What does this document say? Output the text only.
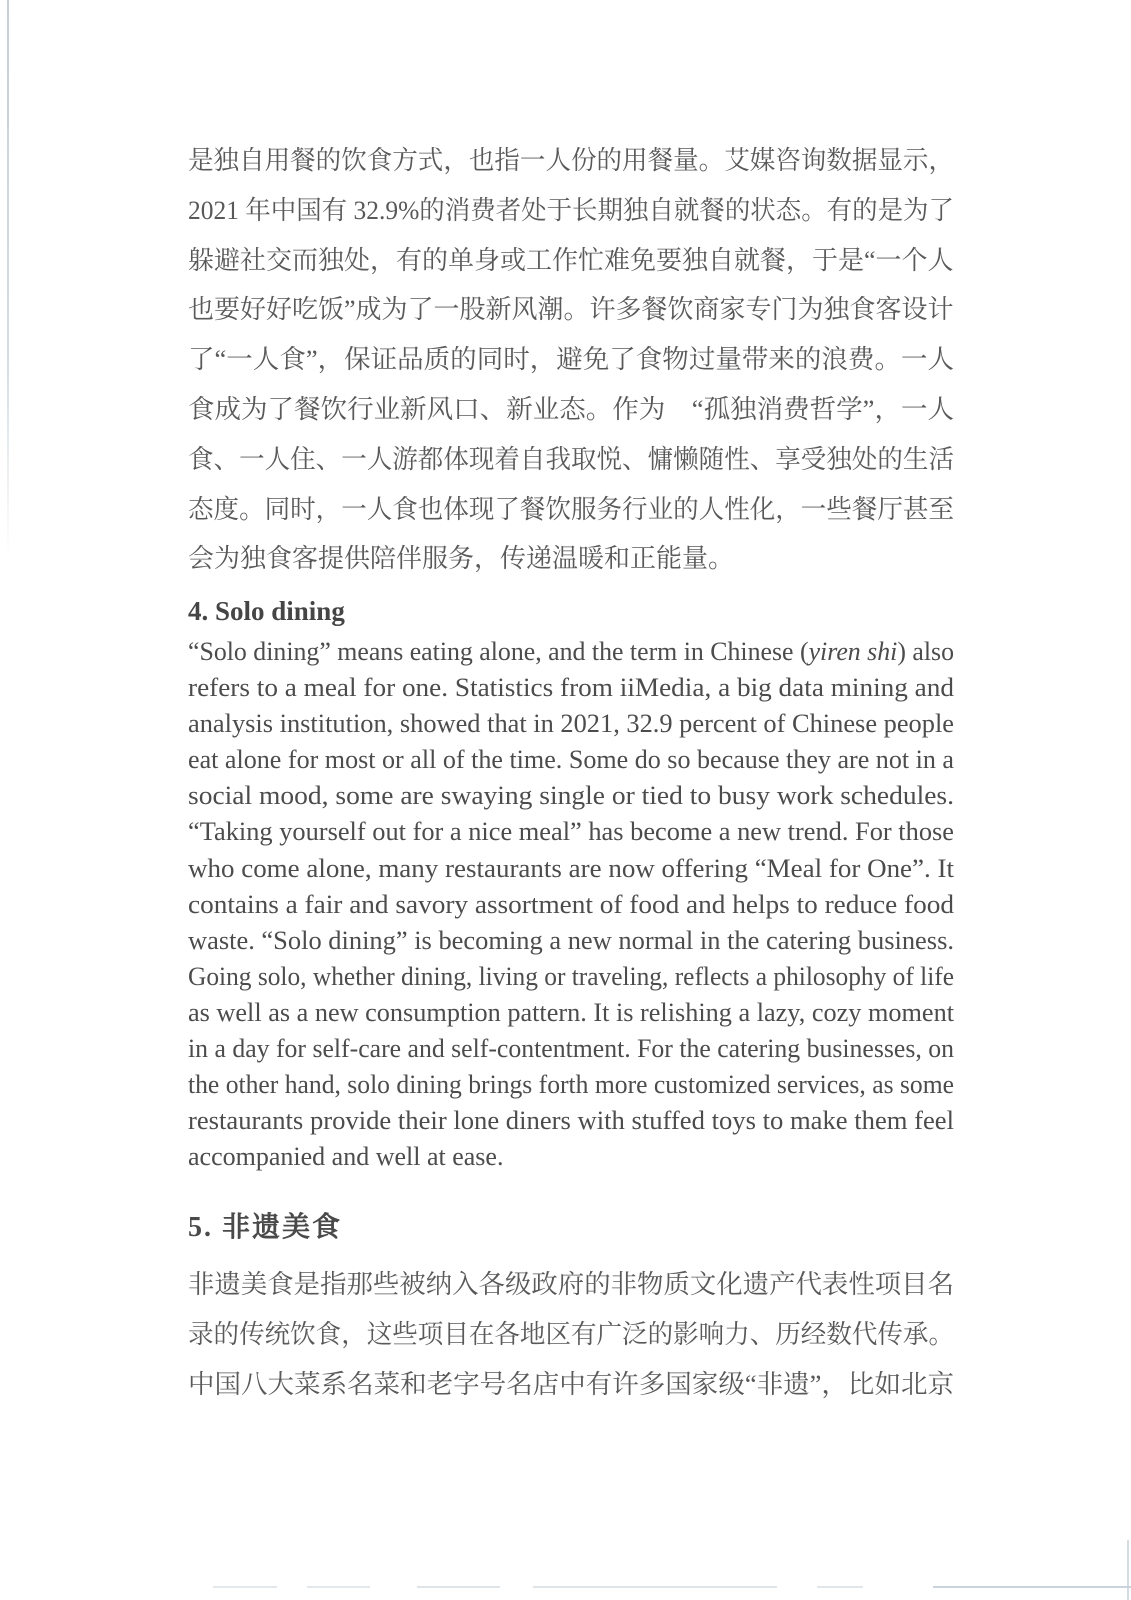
是独自用餐的饮食方式，也指一人份的用餐量。艾媒咨询数据显示，
2021 年中国有 32.9%的消费者处于长期独自就餐的状态。有的是为了
躲避社交而独处，有的单身或工作忙难免要独自就餐，于是“一个人
也要好好吃饭”成为了一股新风潮。许多餐饮商家专门为独食客设计
了“一人食”，保证品质的同时，避免了食物过量带来的浪费。一人
食成为了餐饮行业新风口、新业态。作为　“孤独消费哲学”，一人
食、一人住、一人游都体现着自我取悦、慵懒随性、享受独处的生活
态度。同时，一人食也体现了餐饮服务行业的人性化，一些餐厅甚至
会为独食客提供陪伴服务，传递温暖和正能量。
4. Solo dining
“Solo dining” means eating alone, and the term in Chinese (yiren shi) also
refers to a meal for one. Statistics from iiMedia, a big data mining and
analysis institution, showed that in 2021, 32.9 percent of Chinese people
eat alone for most or all of the time. Some do so because they are not in a
social mood, some are swaying single or tied to busy work schedules.
“Taking yourself out for a nice meal” has become a new trend. For those
who come alone, many restaurants are now offering “Meal for One”. It
contains a fair and savory assortment of food and helps to reduce food
waste. “Solo dining” is becoming a new normal in the catering business.
Going solo, whether dining, living or traveling, reflects a philosophy of life
as well as a new consumption pattern. It is relishing a lazy, cozy moment
in a day for self-care and self-contentment. For the catering businesses, on
the other hand, solo dining brings forth more customized services, as some
restaurants provide their lone diners with stuffed toys to make them feel
accompanied and well at ease.
5. 非遗美食
非遗美食是指那些被纳入各级政府的非物质文化遗产代表性项目名
录的传统饮食，这些项目在各地区有广泛的影响力、历经数代传承。
中国八大菜系名菜和老字号名店中有许多国家级“非遗”，比如北京
